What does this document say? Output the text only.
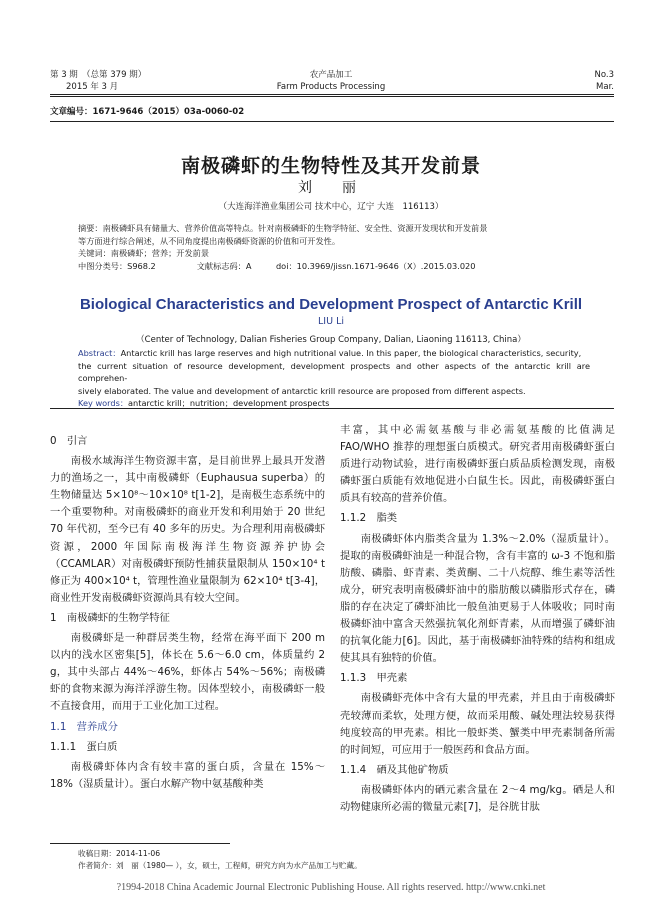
第 3 期　（总第 379 期）
2015 年 3 月
农产品加工
Farm Products Processing
No.3
Mar.
文章编号：1671-9646（2015）03a-0060-02
南极磷虾的生物特性及其开发前景
刘　丽
（大连海洋渔业集团公司 技术中心，辽宁 大连　116113）

摘要：南极磷虾具有储量大、营养价值高等特点。针对南极磷虾的生物学特征、安全性、资源开发现状和开发前景

等方面进行综合阐述，从不同角度提出南极磷虾资源的价值和可开发性。

关键词：南极磷虾；营养；开发前景

中图分类号：S968.2　　　　　文献标志码：A　　　doi：10.3969/jissn.1671-9646（X）.2015.03.020

Biological Characteristics and Development Prospect of Antarctic Krill
LIU Li
（Center of Technology, Dalian Fisheries Group Company, Dalian, Liaoning 116113, China）

Abstract：Antarctic krill has large reserves and high nutritional value. In this paper, the biological characteristics, security,

the current situation of resource development, development prospects and other aspects of the antarctic krill are comprehen-

sively elaborated. The value and development of antarctic krill resource are proposed from different aspects.

Key words：antarctic krill；nutrition；development prospects

0　引言

南极水域海洋生物资源丰富，是目前世界上最具开发潜力的渔场之一，其中南极磷虾（Euphausua superba）的生物储量达 5×10⁸～10×10⁸ t[1-2]，是南极生态系统中的一个重要物种。对南极磷虾的商业开发和利用始于 20 世纪 70 年代初，至今已有 40 多年的历史。为合理利用南极磷虾资源，2000 年国际南极海洋生物资源养护协会（CCAMLAR）对南极磷虾预防性捕获量限制从 150×10⁴ t修正为 400×10⁴ t，管理性渔业量限制为 62×10⁴ t[3-4]，商业性开发南极磷虾资源尚具有较大空间。

1　南极磷虾的生物学特征

南极磷虾是一种群居类生物，经常在海平面下 200 m 以内的浅水区密集[5]，体长在 5.6～6.0 cm，体质量约 2 g，其中头部占 44%～46%，虾体占 54%～56%；南极磷虾的食物来源为海洋浮游生物。因体型较小，南极磷虾一般不直接食用，而用于工业化加工过程。

1.1　营养成分

1.1.1　蛋白质

南极磷虾体内含有较丰富的蛋白质，含量在 15%～18%（湿质量计）。蛋白水解产物中氨基酸种类

丰富，其中必需氨基酸与非必需氨基酸的比值满足 FAO/WHO 推荐的理想蛋白质模式。研究者用南极磷虾蛋白质进行动物试验，进行南极磷虾蛋白质品质检测发现，南极磷虾蛋白质能有效地促进小白鼠生长。因此，南极磷虾蛋白质具有较高的营养价值。

1.1.2　脂类

南极磷虾体内脂类含量为 1.3%～2.0%（湿质量计）。提取的南极磷虾油是一种混合物，含有丰富的 ω-3 不饱和脂肪酸、磷脂、虾青素、类黄酮、二十八烷醇、维生素等活性成分，研究表明南极磷虾油中的脂肪酸以磷脂形式存在，磷脂的存在决定了磷虾油比一般鱼油更易于人体吸收；同时南极磷虾油中富含天然强抗氧化剂虾青素，从而增强了磷虾油的抗氧化能力[6]。因此，基于南极磷虾油特殊的结构和组成使其具有独特的价值。

1.1.3　甲壳素

南极磷虾壳体中含有大量的甲壳素，并且由于南极磷虾壳较薄而柔软，处理方便，故而采用酸、碱处理法较易获得纯度较高的甲壳素。相比一般虾类、蟹类中甲壳素制备所需的时间短，可应用于一般医药和食品方面。

1.1.4　硒及其他矿物质

南极磷虾体内的硒元素含量在 2～4 mg/kg。硒是人和动物健康所必需的微量元素[7]，是谷胱甘肽

收稿日期：2014-11-06
作者简介：刘　丽（1980— ），女，硕士，工程师，研究方向为水产品加工与贮藏。
?1994-2018 China Academic Journal Electronic Publishing House. All rights reserved. http://www.cnki.net
